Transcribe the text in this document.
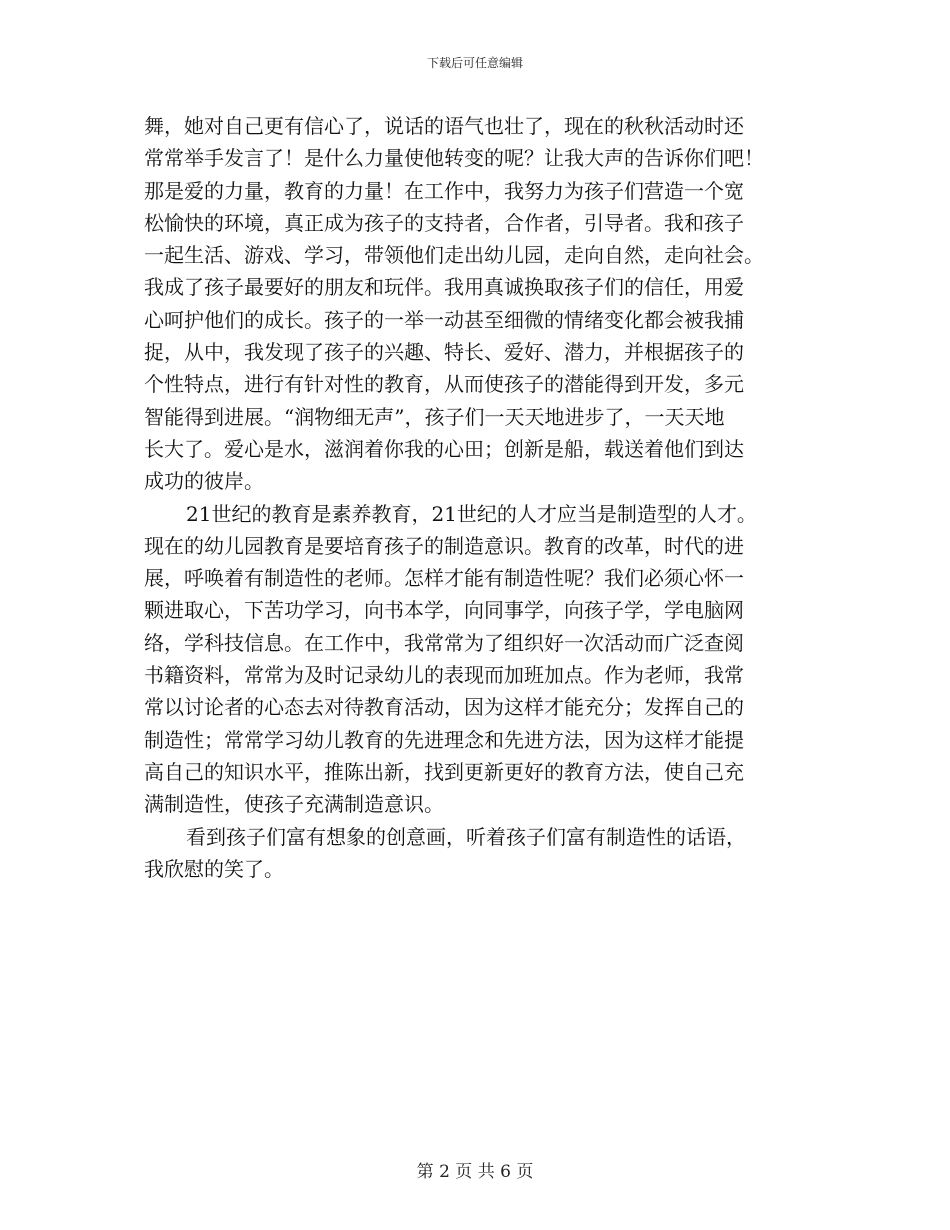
下载后可任意编辑
舞，她对自己更有信心了，说话的语气也壮了，现在的秋秋活动时还
常常举手发言了！是什么力量使他转变的呢？让我大声的告诉你们吧！
那是爱的力量，教育的力量！在工作中，我努力为孩子们营造一个宽
松愉快的环境，真正成为孩子的支持者，合作者，引导者。我和孩子
一起生活、游戏、学习，带领他们走出幼儿园，走向自然，走向社会。
我成了孩子最要好的朋友和玩伴。我用真诚换取孩子们的信任，用爱
心呵护他们的成长。孩子的一举一动甚至细微的情绪变化都会被我捕
捉，从中，我发现了孩子的兴趣、特长、爱好、潜力，并根据孩子的
个性特点，进行有针对性的教育，从而使孩子的潜能得到开发，多元
智能得到进展。“润物细无声”，孩子们一天天地进步了，一天天地
长大了。爱心是水，滋润着你我的心田；创新是船，载送着他们到达
成功的彼岸。
21世纪的教育是素养教育，21世纪的人才应当是制造型的人才。
现在的幼儿园教育是要培育孩子的制造意识。教育的改革，时代的进
展，呼唤着有制造性的老师。怎样才能有制造性呢？我们必须心怀一
颗进取心，下苦功学习，向书本学，向同事学，向孩子学，学电脑网
络，学科技信息。在工作中，我常常为了组织好一次活动而广泛查阅
书籍资料，常常为及时记录幼儿的表现而加班加点。作为老师，我常
常以讨论者的心态去对待教育活动，因为这样才能充分；发挥自己的
制造性；常常学习幼儿教育的先进理念和先进方法，因为这样才能提
高自己的知识水平，推陈出新，找到更新更好的教育方法，使自己充
满制造性，使孩子充满制造意识。
看到孩子们富有想象的创意画，听着孩子们富有制造性的话语，
我欣慰的笑了。
第 2 页 共 6 页
